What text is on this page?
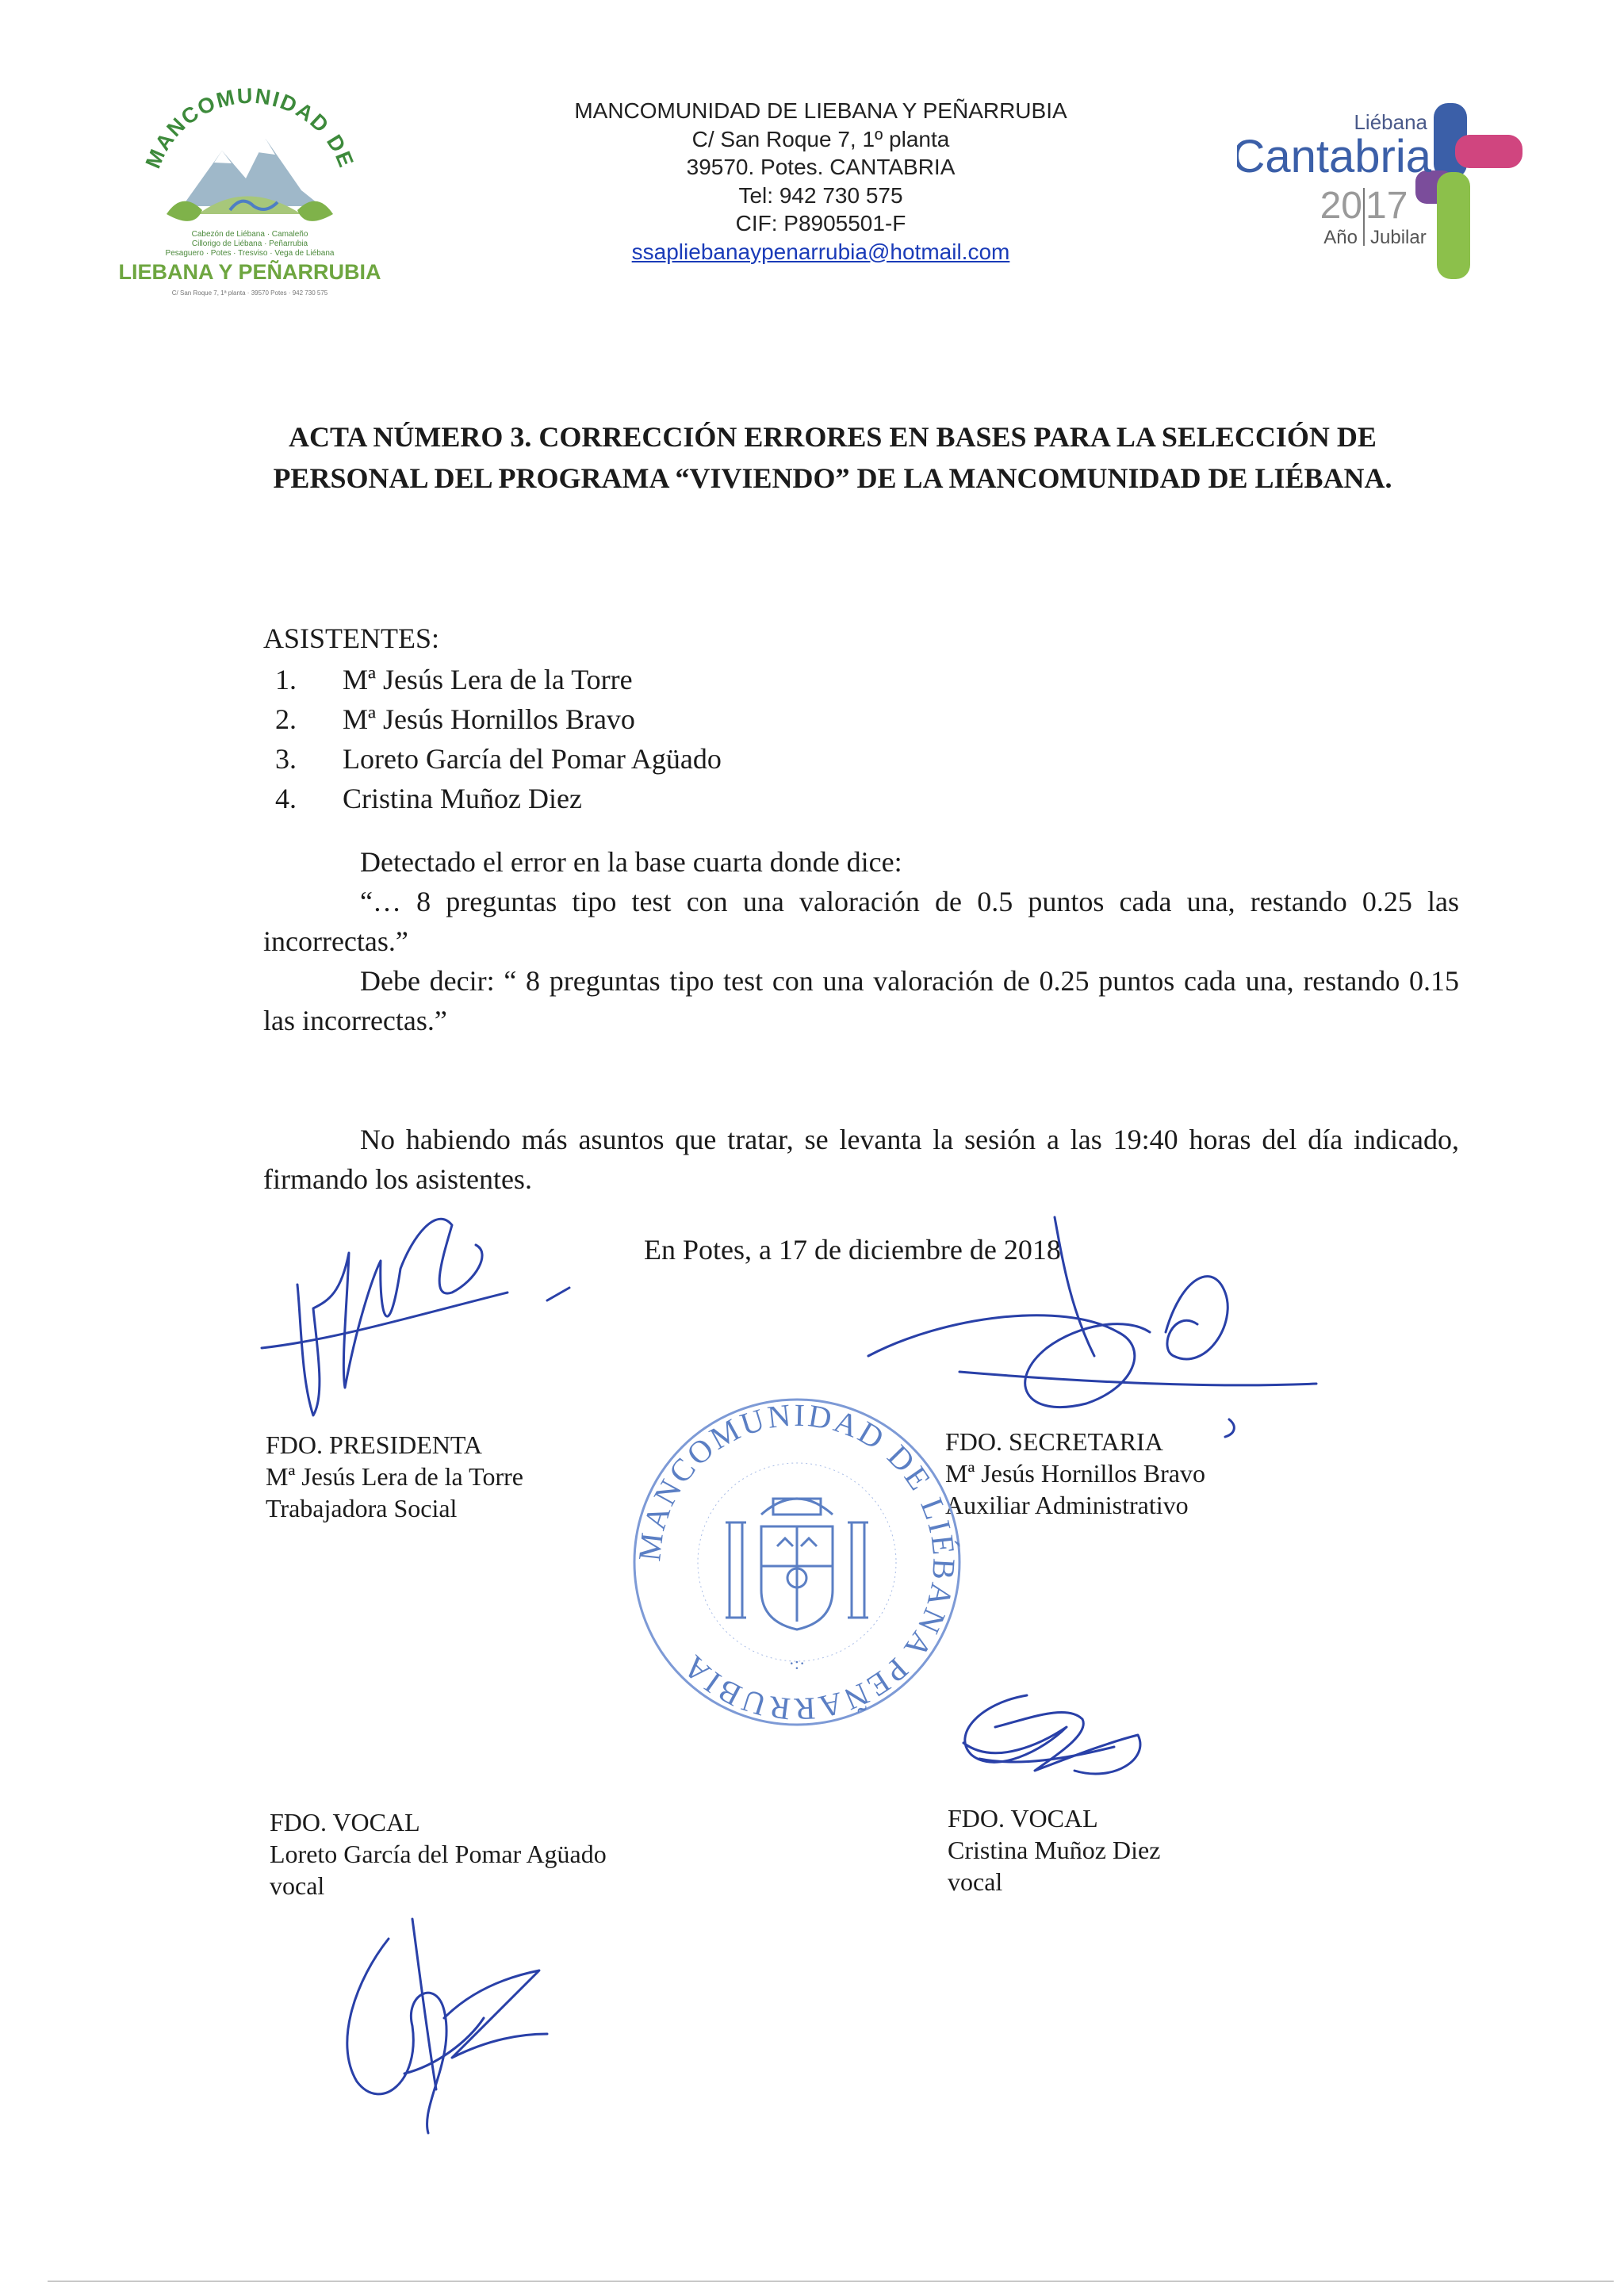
MANCOMUNIDAD DE
Cabezón de Liébana · Camaleño
Cillorigo de Liébana · Peñarrubia
Pesaguero · Potes · Tresviso · Vega de Liébana
LIEBANA Y PEÑARRUBIA
C/ San Roque 7, 1ª planta · 39570 Potes · 942 730 575
MANCOMUNIDAD DE LIEBANA Y PEÑARRUBIA
C/ San Roque 7, 1º planta
39570. Potes. CANTABRIA
Tel: 942 730 575
CIF: P8905501-F
ssapliebanaypenarrubia@hotmail.com
Liébana
Cantabria
20 17
Año Jubilar
ACTA NÚMERO 3. CORRECCIÓN ERRORES EN BASES PARA LA SELECCIÓN DE
PERSONAL DEL PROGRAMA “VIVIENDO” DE LA MANCOMUNIDAD DE LIÉBANA.

ASISTENTES:

1. Mª Jesús Lera de la Torre
2. Mª Jesús Hornillos Bravo
3. Loreto García del Pomar Agüado
4. Cristina Muñoz Diez

Detectado el error en la base cuarta donde dice:

“… 8 preguntas tipo test con una valoración de 0.5 puntos cada una, restando 0.25 las incorrectas.”

Debe decir: “ 8 preguntas tipo test con una valoración de 0.25 puntos cada una, restando 0.15 las incorrectas.”

No habiendo más asuntos que tratar, se levanta la sesión a las 19:40 horas del día indicado, firmando los asistentes.

En Potes, a 17 de diciembre de 2018
FDO. PRESIDENTA
Mª Jesús Lera de la Torre
Trabajadora Social
FDO. SECRETARIA
Mª Jesús Hornillos Bravo
Auxiliar Administrativo
FDO. VOCAL
Loreto García del Pomar Agüado
vocal
FDO. VOCAL
Cristina Muñoz Diez
vocal
MANCOMUNIDAD DE LIÉBANA PEÑARRUBIA	·:·
